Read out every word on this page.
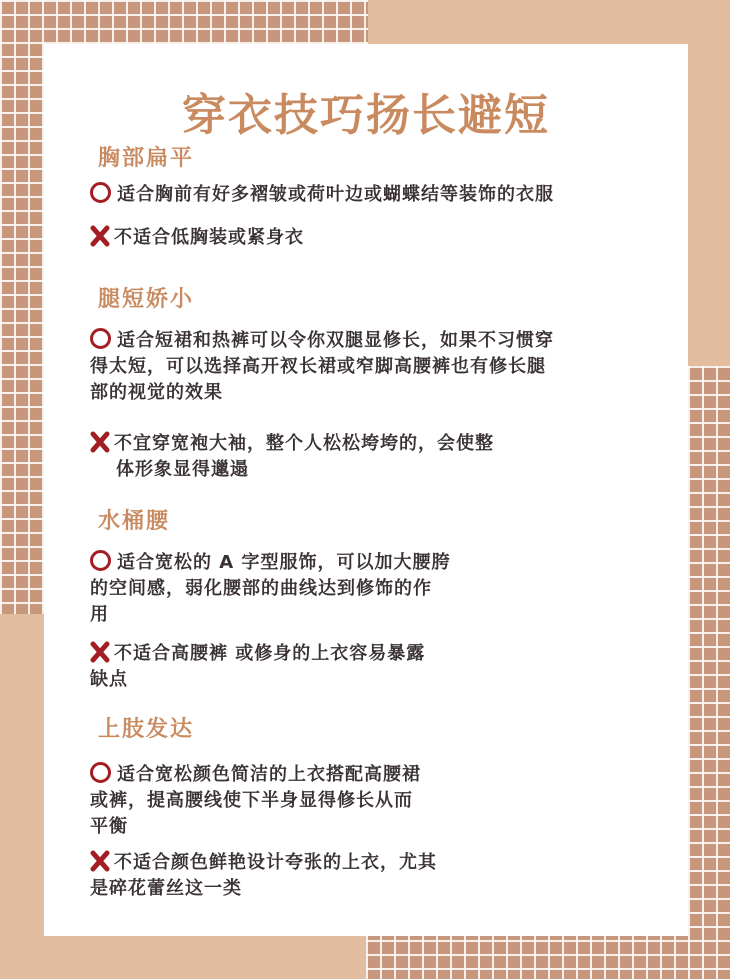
穿衣技巧扬长避短
胸部扁平
适合胸前有好多褶皱或荷叶边或蝴蝶结等装饰的衣服
不适合低胸装或紧身衣
腿短娇小
适合短裙和热裤可以令你双腿显修长，如果不习惯穿
得太短，可以选择高开衩长裙或窄脚高腰裤也有修长腿
部的视觉的效果
不宜穿宽袍大袖，整个人松松垮垮的，会使整
体形象显得邋遢
水桶腰
适合宽松的 A 字型服饰，可以加大腰胯
的空间感，弱化腰部的曲线达到修饰的作
用
不适合高腰裤 或修身的上衣容易暴露
缺点
上肢发达
适合宽松颜色简洁的上衣搭配高腰裙
或裤，提高腰线使下半身显得修长从而
平衡
不适合颜色鲜艳设计夸张的上衣，尤其
是碎花蕾丝这一类
